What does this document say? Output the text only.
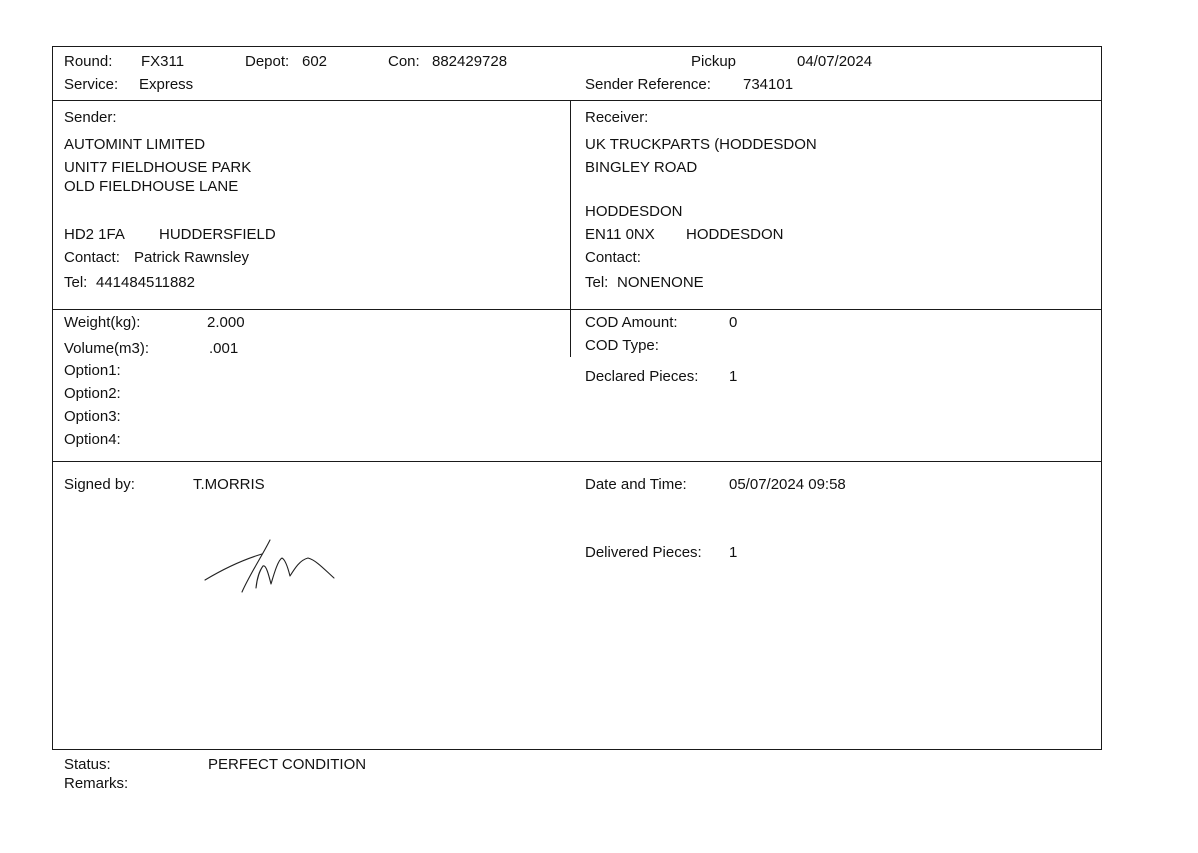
Round: FX311	Depot: 602	Con: 882429728	Pickup	04/07/2024
Service: Express	Sender Reference: 734101
Sender:
AUTOMINT LIMITED
UNIT7 FIELDHOUSE PARK
OLD FIELDHOUSE LANE
HD2 1FA HUDDERSFIELD
Contact: Patrick Rawnsley
Tel: 441484511882
Receiver:
UK TRUCKPARTS (HODDESDON
BINGLEY ROAD
HODDESDON
EN11 0NX HODDESDON
Contact:
Tel: NONENONE
Weight(kg):	2.000
Volume(m3):	.001
Option1:
Option2:
Option3:
Option4:
COD Amount:	0
COD Type:
Declared Pieces: 1
Signed by:	T.MORRIS	Date and Time:	05/07/2024 09:58
Delivered Pieces: 1
Status:	PERFECT CONDITION
Remarks:
